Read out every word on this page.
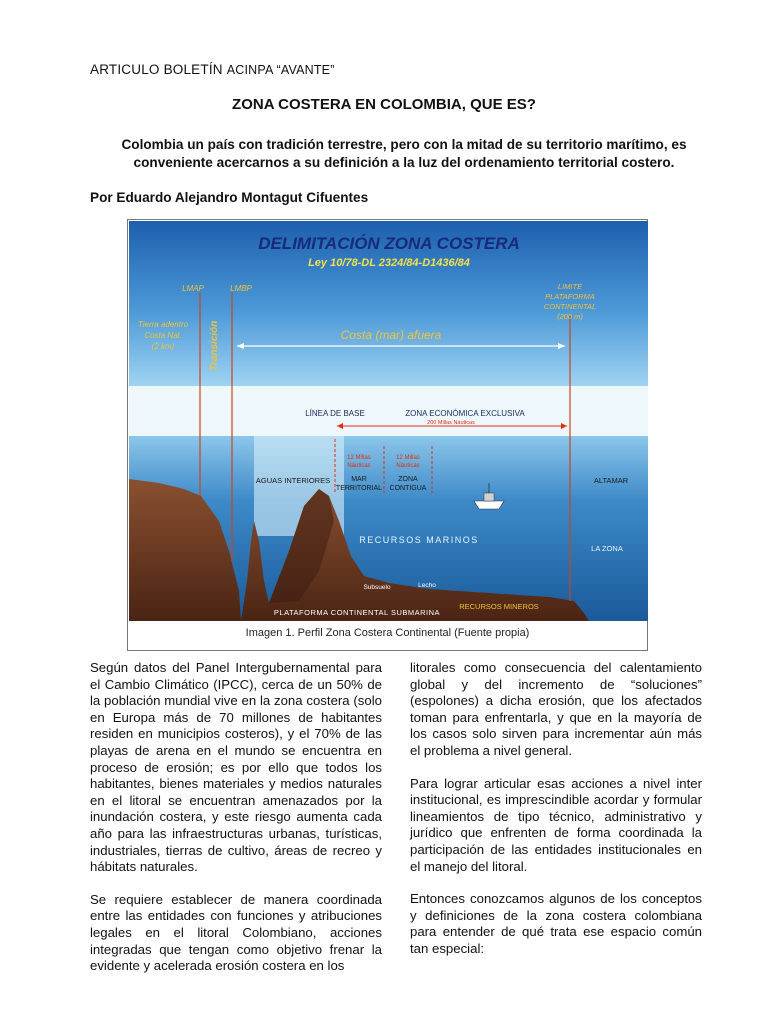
ARTICULO BOLETÍN ACINPA “AVANTE”
ZONA COSTERA EN COLOMBIA, QUE ES?
Colombia un país con tradición terrestre, pero con la mitad de su territorio marítimo, es conveniente acercarnos a su definición a la luz del ordenamiento territorial costero.
Por Eduardo Alejandro Montagut Cifuentes
DELIMITACIÓN ZONA COSTERA
Ley 10/78-DL 2324/84-D1436/84
LMAP	LMBP	LIMITE
PLATAFORMA
CONTINENTAL
(200 m)
Tierra adentro
Costa Nal.
(2 km)	Transición	Costa (mar) afuera
LÍNEA DE BASE	ZONA ECONÓMICA EXCLUSIVA
200 Millas Náuticas
12 Millas
Náuticas
12 Millas
Náuticas
AGUAS INTERIORES	MAR
TERRITORIAL
ZONA
CONTIGUA
ALTAMAR
RECURSOS MARINOS
LA ZONA
Subsuelo	Lecho
RECURSOS MINEROS
PLATAFORMA CONTINENTAL SUBMARINA
Imagen 1. Perfil Zona Costera Continental (Fuente propia)

Según datos del Panel Intergubernamental para el Cambio Climático (IPCC), cerca de un 50% de la población mundial vive en la zona costera (solo en Europa más de 70 millones de habitantes residen en municipios costeros), y el 70% de las playas de arena en el mundo se encuentra en proceso de erosión; es por ello que todos los habitantes, bienes materiales y medios naturales en el litoral se encuentran amenazados por la inundación costera, y este riesgo aumenta cada año para las infraestructuras urbanas, turísticas, industriales, tierras de cultivo, áreas de recreo y hábitats naturales.

Se requiere establecer de manera coordinada entre las entidades con funciones y atribuciones legales en el litoral Colombiano, acciones integradas que tengan como objetivo frenar la evidente y acelerada erosión costera en los

litorales como consecuencia del calentamiento global y del incremento de “soluciones” (espolones) a dicha erosión, que los afectados toman para enfrentarla, y que en la mayoría de los casos solo sirven para incrementar aún más el problema a nivel general.

Para lograr articular esas acciones a nivel inter institucional, es imprescindible acordar y formular lineamientos de tipo técnico, administrativo y jurídico que enfrenten de forma coordinada la participación de las entidades institucionales en el manejo del litoral.

Entonces conozcamos algunos de los conceptos y definiciones de la zona costera colombiana para entender de qué trata ese espacio común tan especial:
